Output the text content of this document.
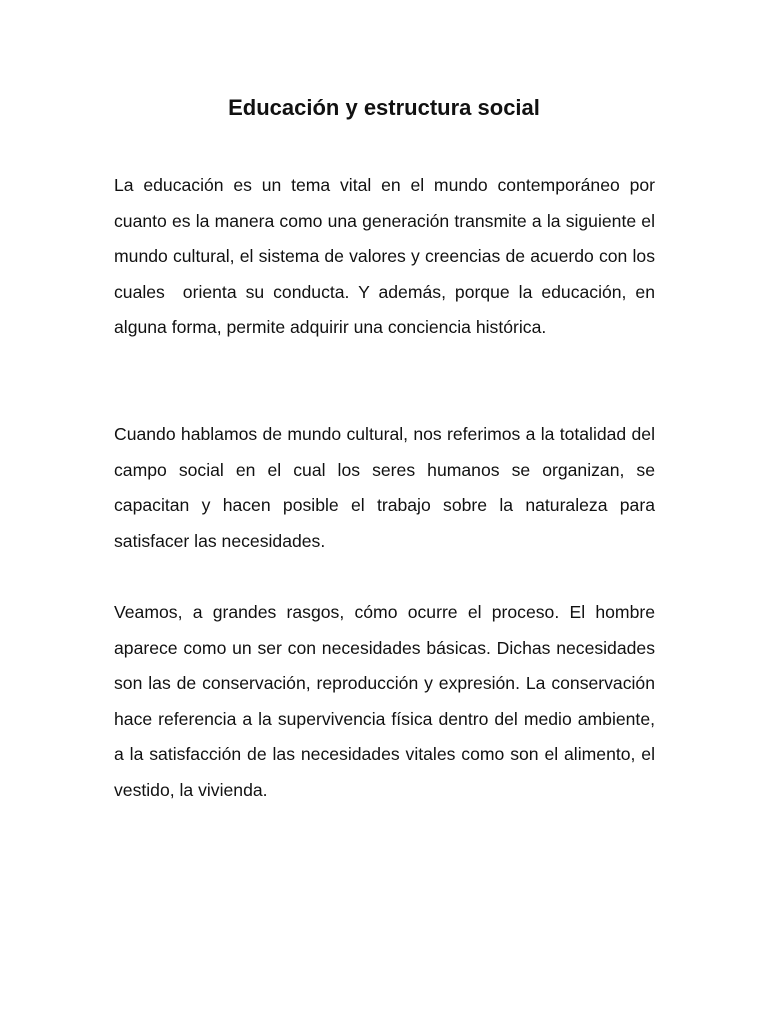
Educación y estructura social

La educación es un tema vital en el mundo contemporáneo por cuanto es la manera como una generación transmite a la siguiente el mundo cultural, el sistema de valores y creencias de acuerdo con los cuales  orienta su conducta. Y además, porque la educación, en alguna forma, permite adquirir una conciencia histórica.

Cuando hablamos de mundo cultural, nos referimos a la totalidad del campo social en el cual los seres humanos se organizan, se capacitan y hacen posible el trabajo sobre la naturaleza para satisfacer las necesidades.

Veamos, a grandes rasgos, cómo ocurre el proceso. El hombre aparece como un ser con necesidades básicas. Dichas necesidades son las de conservación, reproducción y expresión. La conservación hace referencia a la supervivencia física dentro del medio ambiente, a la satisfacción de las necesidades vitales como son el alimento, el vestido, la vivienda.
